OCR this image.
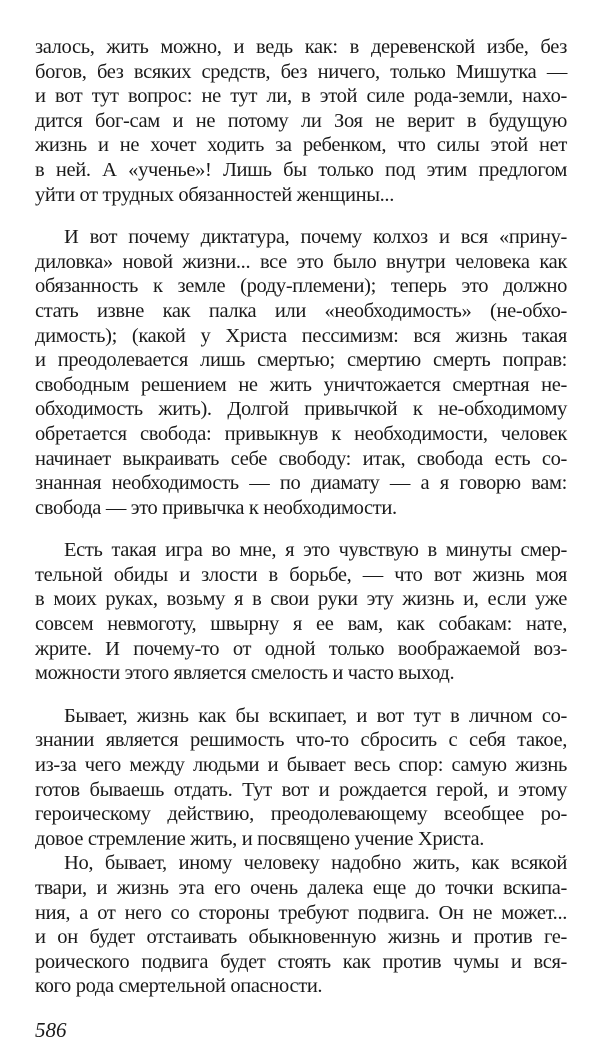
залось, жить можно, и ведь как: в деревенской избе, без
богов, без всяких средств, без ничего, только Мишутка —
и вот тут вопрос: не тут ли, в этой силе рода-земли, нахо-
дится бог-сам и не потому ли Зоя не верит в будущую
жизнь и не хочет ходить за ребенком, что силы этой нет
в ней. А «ученье»! Лишь бы только под этим предлогом
уйти от трудных обязанностей женщины...
И вот почему диктатура, почему колхоз и вся «прину-
диловка» новой жизни... все это было внутри человека как
обязанность к земле (роду-племени); теперь это должно
стать извне как палка или «необходимость» (не-обхо-
димость); (какой у Христа пессимизм: вся жизнь такая
и преодолевается лишь смертью; смертию смерть поправ:
свободным решением не жить уничтожается смертная не-
обходимость жить). Долгой привычкой к не-обходимому
обретается свобода: привыкнув к необходимости, человек
начинает выкраивать себе свободу: итак, свобода есть со-
знанная необходимость — по диамату — а я говорю вам:
свобода — это привычка к необходимости.
Есть такая игра во мне, я это чувствую в минуты смер-
тельной обиды и злости в борьбе, — что вот жизнь моя
в моих руках, возьму я в свои руки эту жизнь и, если уже
совсем невмоготу, швырну я ее вам, как собакам: нате,
жрите. И почему-то от одной только воображаемой воз-
можности этого является смелость и часто выход.
Бывает, жизнь как бы вскипает, и вот тут в личном со-
знании является решимость что-то сбросить с себя такое,
из-за чего между людьми и бывает весь спор: самую жизнь
готов бываешь отдать. Тут вот и рождается герой, и этому
героическому действию, преодолевающему всеобщее ро-
довое стремление жить, и посвящено учение Христа.
Но, бывает, иному человеку надобно жить, как всякой
твари, и жизнь эта его очень далека еще до точки вскипа-
ния, а от него со стороны требуют подвига. Он не может...
и он будет отстаивать обыкновенную жизнь и против ге-
роического подвига будет стоять как против чумы и вся-
кого рода смертельной опасности.
586
